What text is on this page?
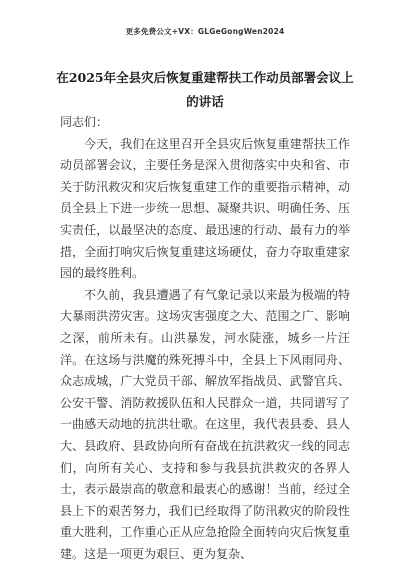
更多免费公文+VX：GLGeGongWen2024
在2025年全县灾后恢复重建帮扶工作动员部署会议上的讲话

同志们：

今天，我们在这里召开全县灾后恢复重建帮扶工作动员部署会议，主要任务是深入贯彻落实中央和省、市关于防汛救灾和灾后恢复重建工作的重要指示精神，动员全县上下进一步统一思想、凝聚共识、明确任务、压实责任，以最坚决的态度、最迅速的行动、最有力的举措，全面打响灾后恢复重建这场硬仗，奋力夺取重建家园的最终胜利。

不久前，我县遭遇了有气象记录以来最为极端的特大暴雨洪涝灾害。这场灾害强度之大、范围之广、影响之深，前所未有。山洪暴发，河水陡涨，城乡一片汪洋。在这场与洪魔的殊死搏斗中，全县上下风雨同舟、众志成城，广大党员干部、解放军指战员、武警官兵、公安干警、消防救援队伍和人民群众一道，共同谱写了一曲感天动地的抗洪壮歌。在这里，我代表县委、县人大、县政府、县政协向所有奋战在抗洪救灾一线的同志们，向所有关心、支持和参与我县抗洪救灾的各界人士，表示最崇高的敬意和最衷心的感谢！当前，经过全县上下的艰苦努力，我们已经取得了防汛救灾的阶段性重大胜利，工作重心正从应急抢险全面转向灾后恢复重建。这是一项更为艰巨、更为复杂、
